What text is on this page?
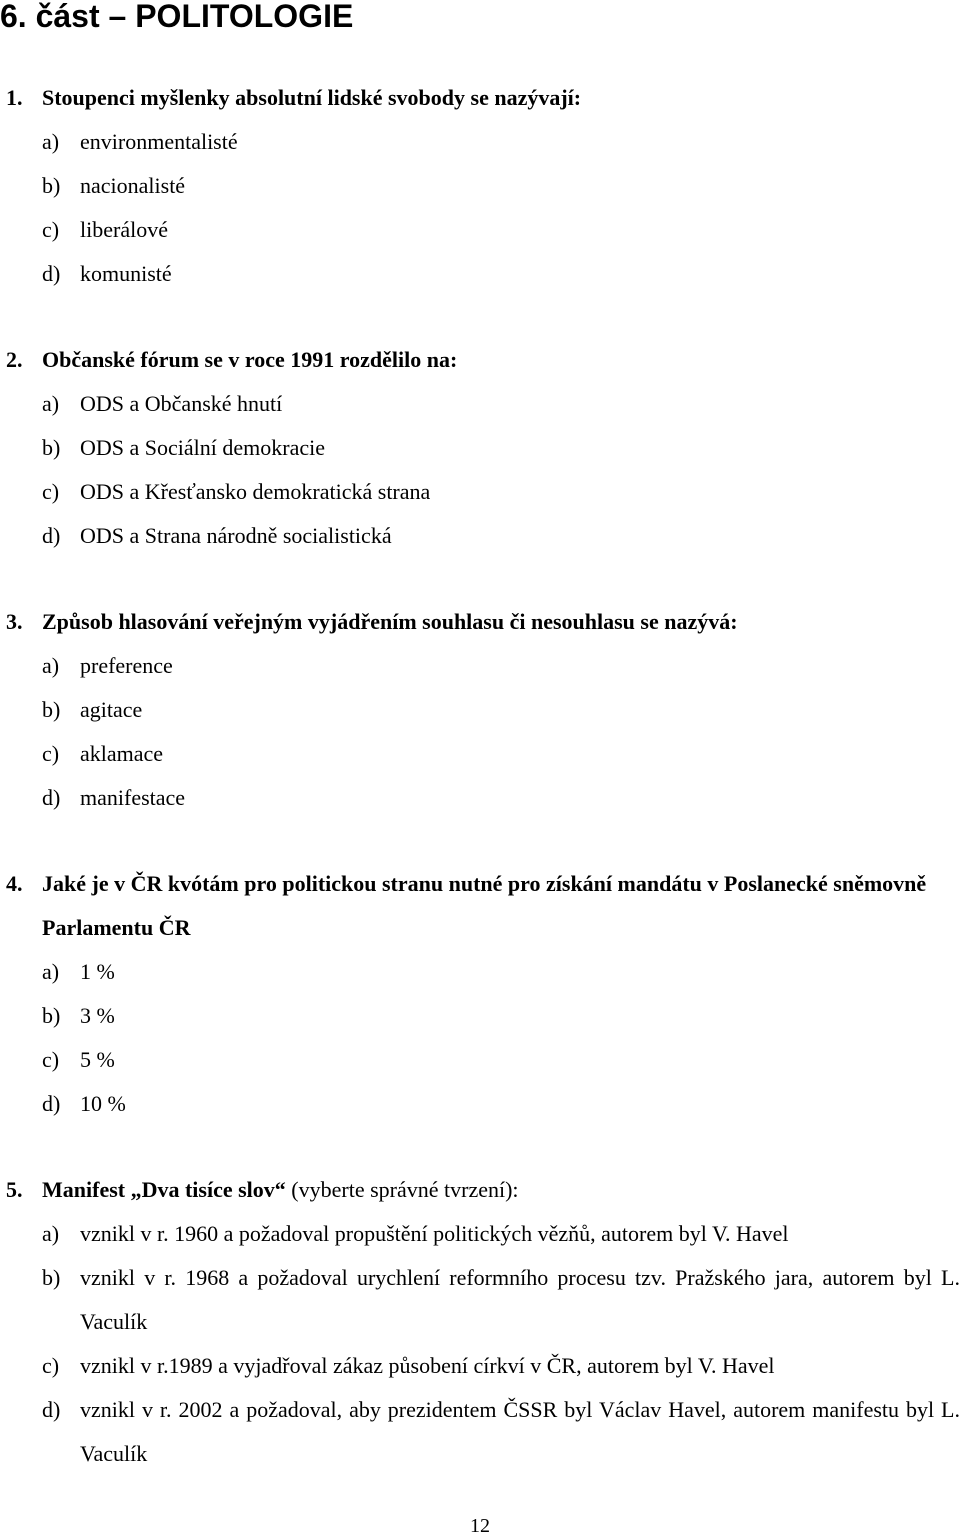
6. část – POLITOLOGIE
1. Stoupenci myšlenky absolutní lidské svobody se nazývají:
a) environmentalisté
b) nacionalisté
c) liberálové
d) komunisté
2. Občanské fórum se v roce 1991 rozdělilo na:
a) ODS a Občanské hnutí
b) ODS a Sociální demokracie
c) ODS a Křesťansko demokratická strana
d) ODS a Strana národně socialistická
3. Způsob hlasování veřejným vyjádřením souhlasu či nesouhlasu se nazývá:
a) preference
b) agitace
c) aklamace
d) manifestace
4. Jaké je v ČR kvótám pro politickou stranu nutné pro získání mandátu v Poslanecké sněmovně Parlamentu ČR
a) 1 %
b) 3 %
c) 5 %
d) 10 %
5. Manifest „Dva tisíce slov“ (vyberte správné tvrzení):
a) vznikl v r. 1960 a požadoval propuštění politických vězňů, autorem byl V. Havel
b) vznikl v r. 1968 a požadoval urychlení reformního procesu tzv. Pražského jara, autorem byl L. Vaculík
c) vznikl v r.1989 a vyjadřoval zákaz působení církví v ČR, autorem byl V. Havel
d) vznikl v r. 2002 a požadoval, aby prezidentem ČSSR byl Václav Havel, autorem manifestu byl L. Vaculík
12
